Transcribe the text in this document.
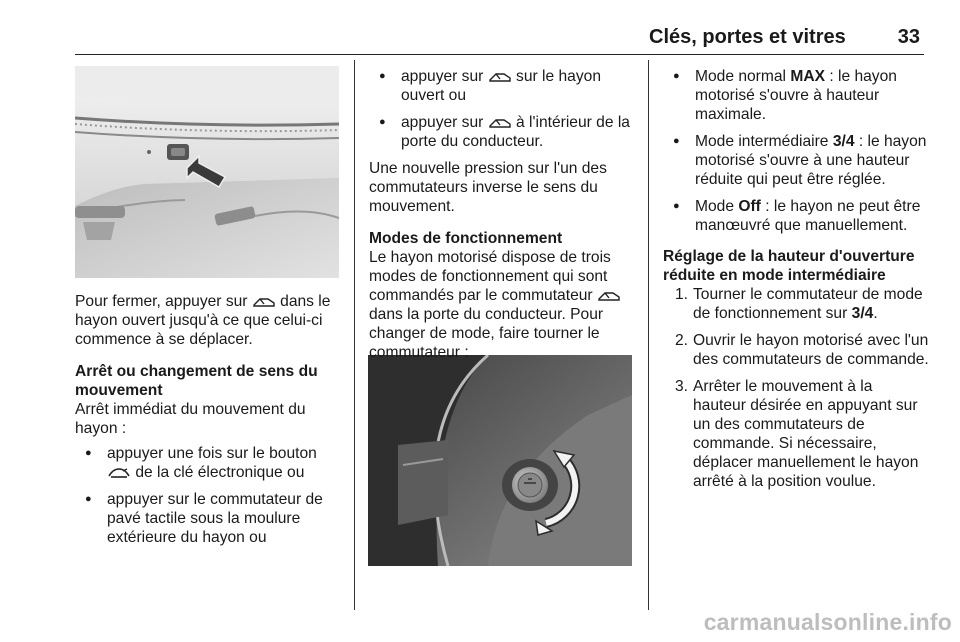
Clés, portes et vitres	33

Pour fermer, appuyer sur  dans le hayon ouvert jusqu'à ce que celui-ci commence à se déplacer.

Arrêt ou changement de sens du mouvement

Arrêt immédiat du mouvement du hayon :

● appuyer une fois sur le bouton  de la clé électronique ou
● appuyer sur le commutateur de pavé tactile sous la moulure extérieure du hayon ou
● appuyer sur  sur le hayon ouvert ou
● appuyer sur  à l'intérieur de la porte du conducteur.

Une nouvelle pression sur l'un des commutateurs inverse le sens du mouvement.

Modes de fonctionnement

Le hayon motorisé dispose de trois modes de fonctionnement qui sont commandés par le commutateur  dans la porte du conducteur. Pour changer de mode, faire tourner le commutateur :

● Mode normal MAX : le hayon motorisé s'ouvre à hauteur maximale.
● Mode intermédiaire 3/4 : le hayon motorisé s'ouvre à une hauteur réduite qui peut être réglée.
● Mode Off : le hayon ne peut être manœuvré que manuellement.

Réglage de la hauteur d'ouverture réduite en mode intermédiaire

1. Tourner le commutateur de mode de fonctionnement sur 3/4.
2. Ouvrir le hayon motorisé avec l'un des commutateurs de commande.
3. Arrêter le mouvement à la hauteur désirée en appuyant sur un des commutateurs de commande. Si nécessaire, déplacer manuellement le hayon arrêté à la position voulue.
carmanualsonline.info
